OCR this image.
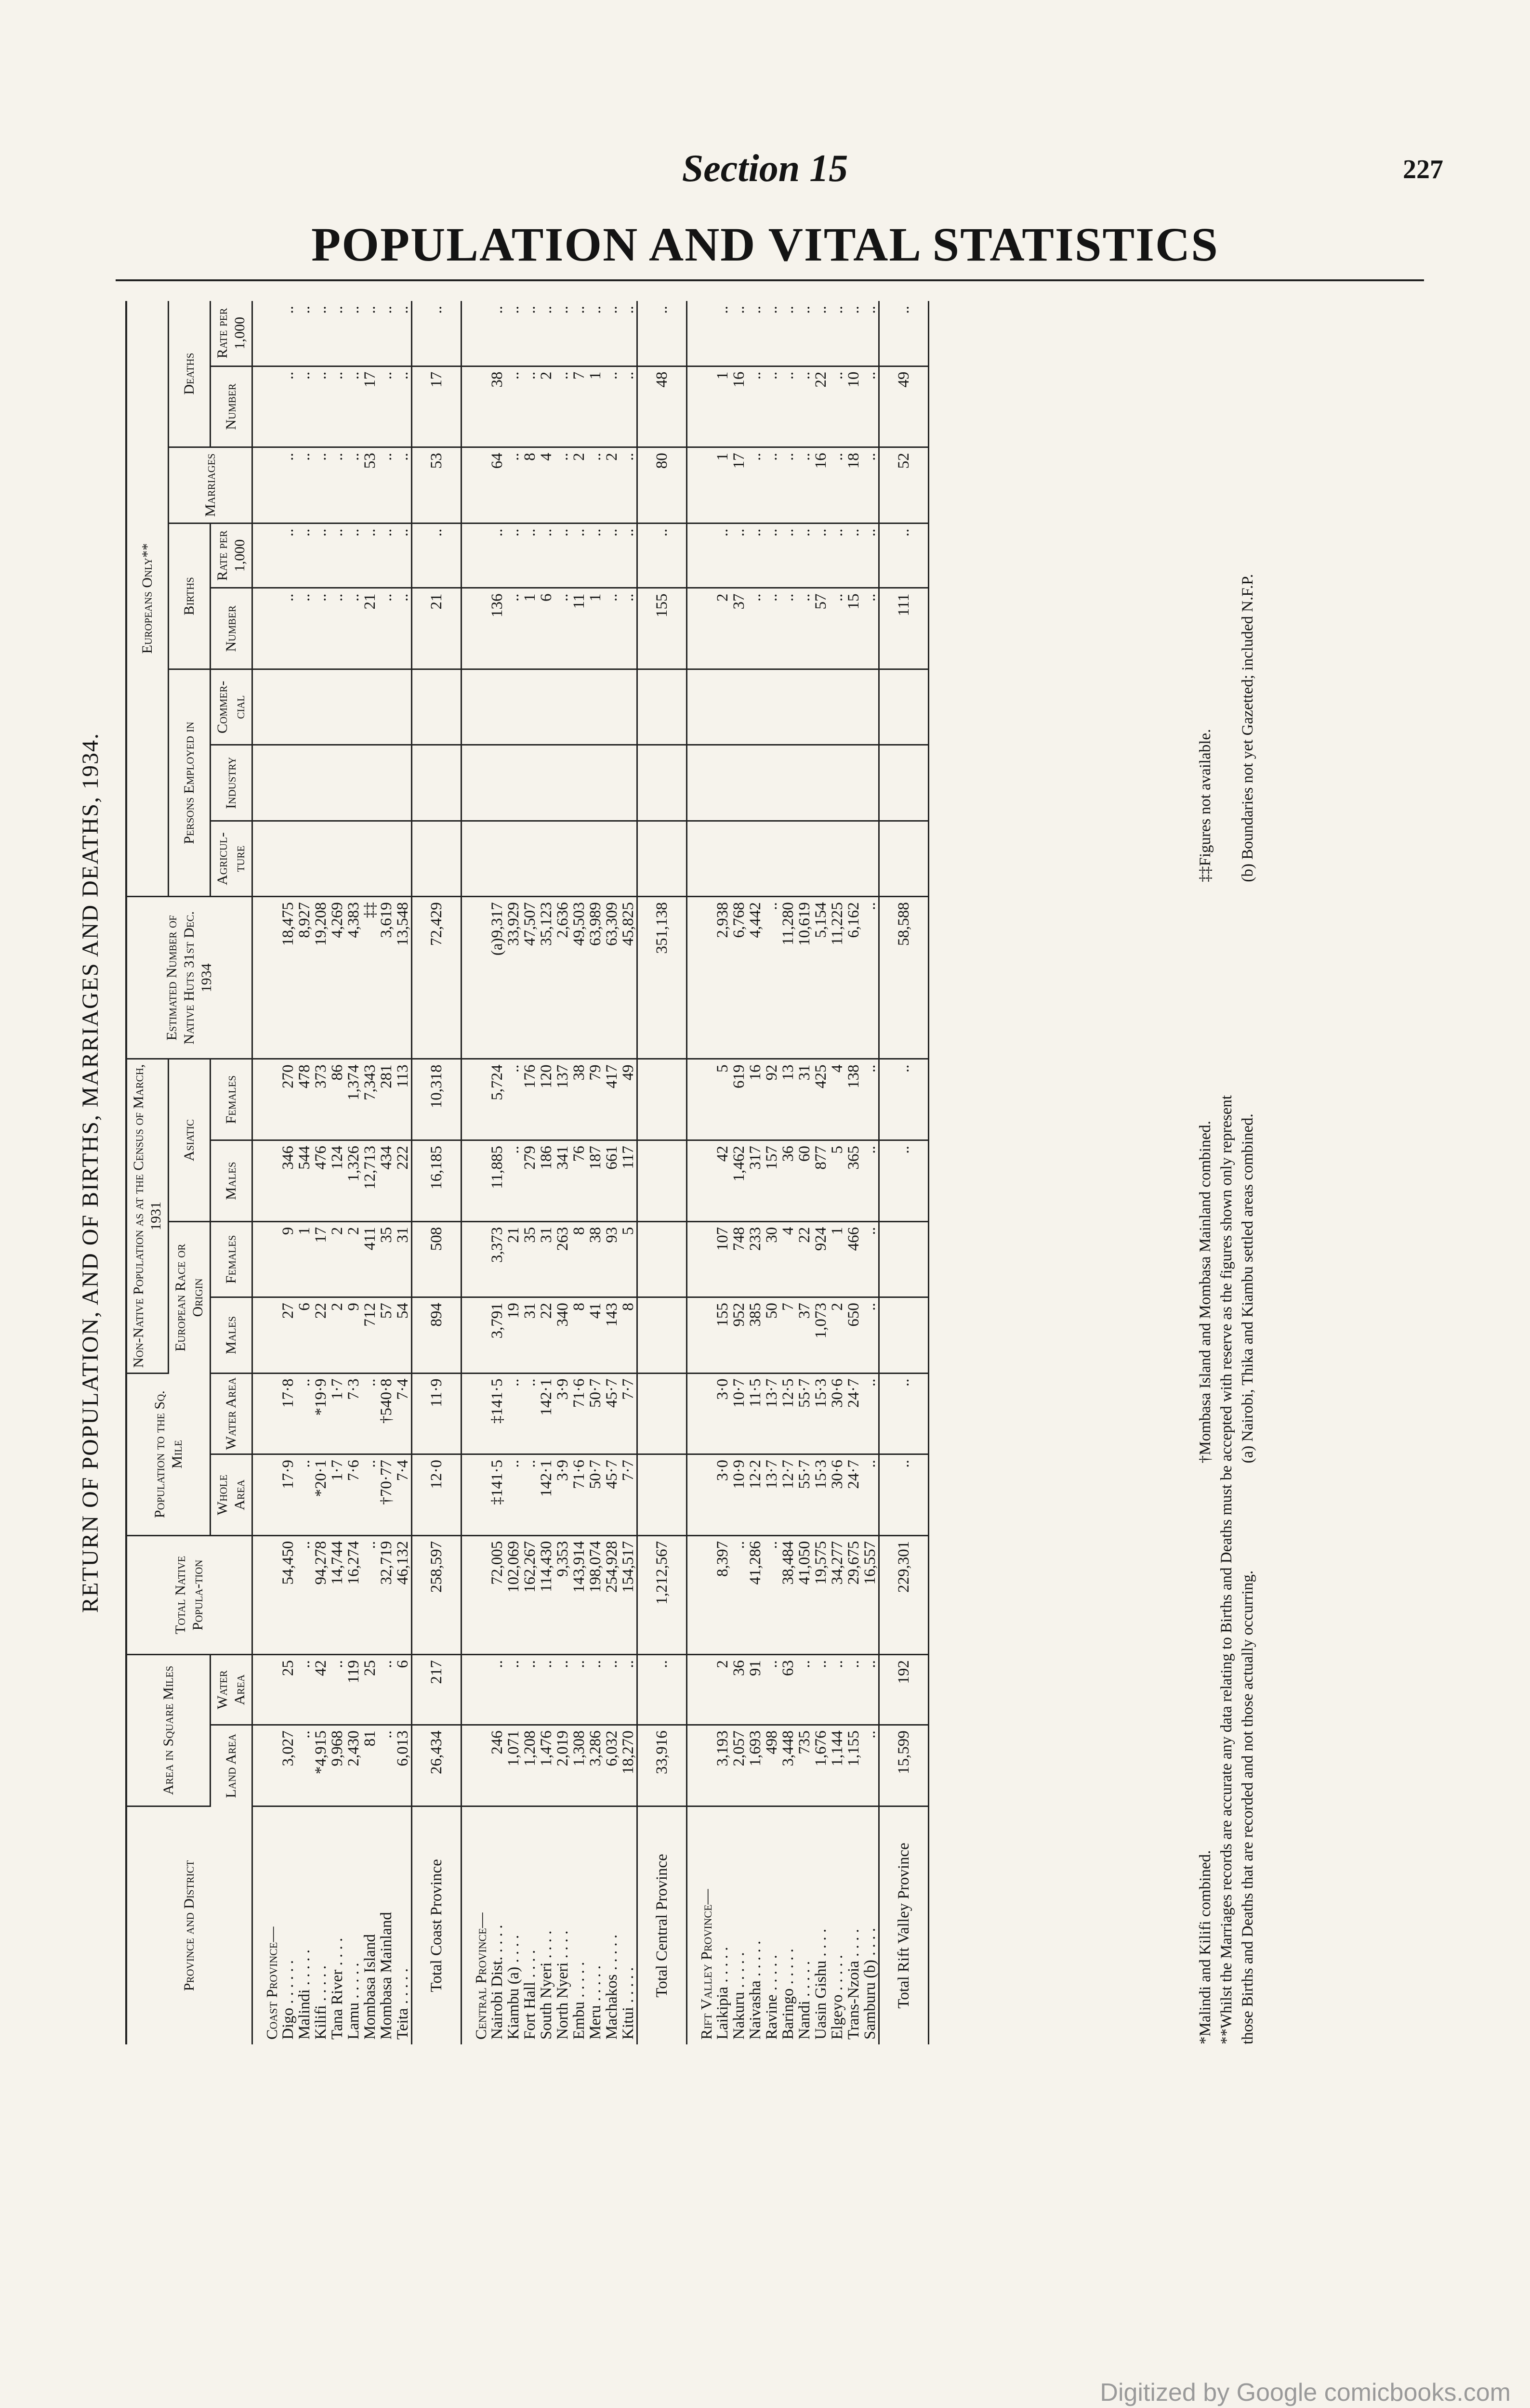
Section 15	227
POPULATION AND VITAL STATISTICS
RETURN OF POPULATION, AND OF BIRTHS, MARRIAGES AND DEATHS, 1934.
Province and District	Area in Square Miles		Total Native Popula-tion	Population to the Sq. Mile		Non-Native Population as at the Census of March, 1931				Estimated Number of Native Huts 31st Dec. 1934	Europeans Only**							
						European Race or Origin		Asiatic			Persons Employed in			Births		Marriages	Deaths	
	Land Area	Water Area		Whole Area	Water Area	Males	Females	Males	Females		Agricul-ture	Industry	Commer-cial	Number	Rate per 1,000		Number	Rate per 1,000
Coast Province—																		
Digo . . . . . .	3,027	25	54,450	17·9	17·8	27	9	346	270	18,475				..	..	..	..	..
Malindi . . . . .	..	..	..	..	..	6	1	544	478	8,927				..	..	..	..	..
Kilifi . . . . .	*4,915	42	94,278	*20·1	*19·9	22	17	476	373	19,208				..	..	..	..	..
Tana River . . . .	9,968	..	14,744	1·7	1·7	2	2	124	86	4,269				..	..	..	..	..
Lamu . . . . .	2,430	119	16,274	7·6	7·3	9	2	1,326	1,374	4,383				..	..	..	..	..
Mombasa Island	81	25	..	..	..	712	411	12,713	7,343	‡‡				21	..	53	17	..
Mombasa Mainland	..	..	32,719	†70·77	†540·8	57	35	434	281	3,619				..	..	..	..	..
Teita . . . . .	6,013	6	46,132	7·4	7·4	54	31	222	113	13,548				..	..	..	..	..
Total Coast Province	26,434	217	258,597	12·0	11·9	894	508	16,185	10,318	72,429				21	..	53	17	..
Central Province—																		
Nairobi Dist. . . . .	246	..	72,005	‡141·5	‡141·5	3,791	3,373	11,885	5,724	(a)9,317				136	..	64	38	..
Kiambu (a) . . . .	1,071	..	102,069	..	..	19	21	..	..	33,929				..	..	..	..	..
Fort Hall . . . .	1,208	..	162,267	..	..	31	35	279	176	47,507				1	..	8	..	..
South Nyeri . . . .	1,476	..	114,430	142·1	142·1	22	31	186	120	35,123				6	..	4	2	..
North Nyeri . . . .	2,019	..	9,353	3·9	3·9	340	263	341	137	2,636				..	..	..	..	..
Embu . . . . .	1,308	..	143,914	71·6	71·6	8	8	76	38	49,503				11	..	2	7	..
Meru . . . . .	3,286	..	198,074	50·7	50·7	41	38	187	79	63,989				1	..	..	1	..
Machakos . . . . .	6,032	..	254,928	45·7	45·7	143	93	661	417	63,309				..	..	2	..	..
Kitui . . . . .	18,270	..	154,517	7·7	7·7	8	5	117	49	45,825				..	..	..	..	..
Total Central Province	33,916	..	1,212,567							351,138				155	..	80	48	..
Rift Valley Province—																		
Laikipia . . . . .	3,193	2	8,397	3·0	3·0	155	107	42	5	2,938				2	..	1	1	..
Nakuru . . . . .	2,057	36	..	10·9	10·7	952	748	1,462	619	6,768				37	..	17	16	..
Naivasha . . . . .	1,693	91	41,286	12·2	11·5	385	233	317	16	4,442				..	..	..	..	..
Ravine . . . . .	498	..	..	13·7	13·7	50	30	157	92	..				..	..	..	..	..
Baringo . . . . .	3,448	63	38,484	12·7	12·5	7	4	36	13	11,280				..	..	..	..	..
Nandi . . . . .	735	..	41,050	55·7	55·7	37	22	60	31	10,619				..	..	..	..	..
Uasin Gishu . . . .	1,676	..	19,575	15·3	15·3	1,073	924	877	425	5,154				57	..	16	22	..
Elgeyo . . . . .	1,144	..	34,277	30·6	30·6	2	1	5	4	11,225				..	..	..	..	..
Trans-Nzoia . . . .	1,155	..	29,675	24·7	24·7	650	466	365	138	6,162				15	..	18	10	..
Samburu (b) . . . .	..	..	16,557	..	..	..	..	..	..	..				..	..	..	..	..
Total Rift Valley Province	15,599	192	229,301	..	..			..	..	58,588				111	..	52	49	..
*Malindi and Kilifi combined.
†Mombasa Island and Mombasa Mainland combined.
‡‡Figures not available.
**Whilst the Marriages records are accurate any data relating to Births and Deaths must be accepted with reserve as the figures shown only represent those Births and Deaths that are recorded and not those actually occurring.
(a) Nairobi, Thika and Kiambu settled areas combined.
(b) Boundaries not yet Gazetted; included N.F.P.
Digitized by Google comicbooks.com
